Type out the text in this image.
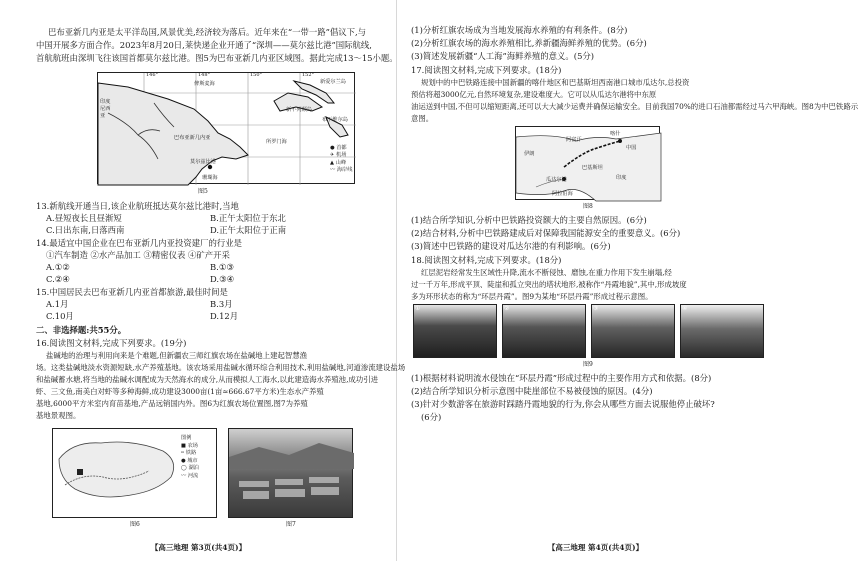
巴布亚新几内亚是太平洋岛国,风景优美,经济较为落后。近年来在“一带一路”倡议下,与
中国开展多方面合作。2023年8月20日,莱快递企业开通了“深圳——莫尔兹比港”国际航线,
首航航班由深圳飞往该国首都莫尔兹比港。图5为巴布亚新几内亚区域图。据此完成13～15小题。
146°	148°	150°	152°
俾斯麦海
新不列颠岛
新爱尔兰岛
巴布亚新几内亚
所罗门海
印度尼西亚
莫尔兹比港
珊瑚海
布干维尔岛
● 首都
✈ 机场
▲ 山峰
〰 海岸线
图5
13.新航线开通当日,该企业航班抵达莫尔兹比港时,当地
A.昼短夜长且昼渐短	B.正午太阳位于东北
C.日出东南,日落西南	D.正午太阳位于正南
14.最适宜中国企业在巴布亚新几内亚投资建厂的行业是
①汽车制造 ②水产品加工 ③精密仪表 ④矿产开采
A.①②	B.①③
C.②④	D.③④
15.中国居民去巴布亚新几内亚首都旅游,最佳时间是
A.1月	B.3月
C.10月	D.12月
二、非选择题:共55分。
16.阅读图文材料,完成下列要求。(19分)
盐碱地的治理与利用向来是个难题,但新疆农三师红旗农场在盐碱地上建起智慧渔
场。这类盐碱地淡水资源短缺,水产养殖基地。该农场采用盐碱水循环综合利用技术,利用盐碱地,河道渗流建设盐场
和盐碱蓄水塘,将当地的盐碱水调配成为天然海水的成分,从而模拟人工海水,以此建造海水养殖池,成功引进
虾、三文鱼,南美白对虾等多种海鲜,成功建设3000亩(1亩≈666.67平方米)生态水产养殖
基地,6000平方米室内育苗基地,产品远销国内外。图6为红旗农场位置图,图7为养殖
基地景观图。
图例
■ 农场
┅ 铁路
● 城市
◯ 湖泊
〰 河流
图6	图7
【高三地理 第3页(共4页)】
(1)分析红旗农场成为当地发展海水养殖的有利条件。(8分)
(2)分析红旗农场的海水养殖相比,养新疆海鲜养殖的优势。(6分)
(3)简述发展新疆“人工海”海鲜养殖的意义。(5分)
17.阅读图文材料,完成下列要求。(18分)
规划中的中巴铁路连接中国新疆的喀什地区和巴基斯坦西南港口城市瓜达尔,总投资
预估将超3000亿元,自然环境复杂,建设难度大。它可以从瓜达尔港将中东原
油运送到中国,不但可以缩短距离,还可以大大减少运费并确保运输安全。目前我国70%的进口石油都需经过马六甲海峡。图8为中巴铁路示
意图。
中国
伊朗
阿富汗
巴基斯坦
印度
喀什
瓜达尔港
阿拉伯海
图8
(1)结合所学知识,分析中巴铁路投资额大的主要自然原因。(6分)
(2)结合材料,分析中巴铁路建成后对保障我国能源安全的重要意义。(6分)
(3)简述中巴铁路的建设对瓜达尔港的有利影响。(6分)
18.阅读图文材料,完成下列要求。(18分)
红层泥岩经常发生区域性升降,流水不断侵蚀、磨蚀,在重力作用下发生崩塌,经
过一千万年,形成平顶、陡崖和孤立突出的塔状地形,被称作“丹霞地貌”,其中,形成坡度
多为环形状态的称为“环层丹霞”。图9为某地“环层丹霞”形成过程示意图。
①	②	③	④
图9
(1)根据材料说明流水侵蚀在“环层丹霞”形成过程中的主要作用方式和依据。(8分)
(2)结合所学知识分析示意图中陡崖部位不易被侵蚀的原因。(4分)
(3)针对少数游客在旅游时踩踏丹霞地貌的行为,你会从哪些方面去说服他停止破坏?
(6分)
【高三地理 第4页(共4页)】
